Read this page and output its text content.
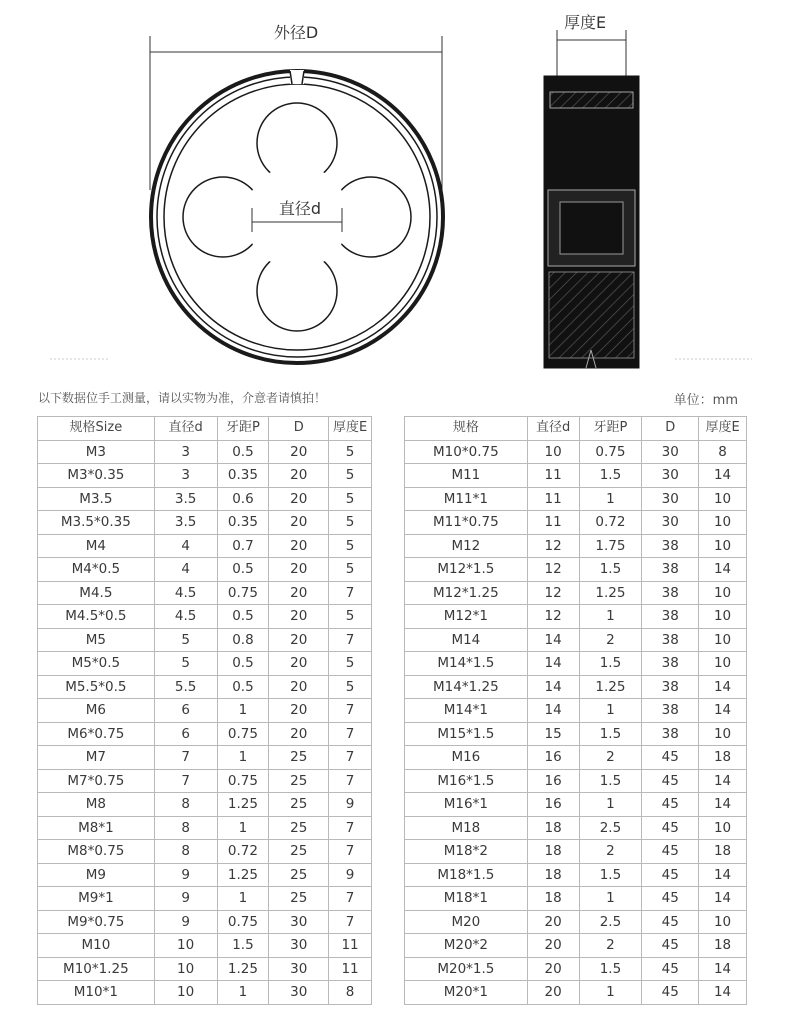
外径D
直径d
厚度E
以下数据位手工测量，请以实物为准，介意者请慎拍！	单位：mm
规格Size	直径d	牙距P	D	厚度E
M3	3	0.5	20	5
M3*0.35	3	0.35	20	5
M3.5	3.5	0.6	20	5
M3.5*0.35	3.5	0.35	20	5
M4	4	0.7	20	5
M4*0.5	4	0.5	20	5
M4.5	4.5	0.75	20	7
M4.5*0.5	4.5	0.5	20	5
M5	5	0.8	20	7
M5*0.5	5	0.5	20	5
M5.5*0.5	5.5	0.5	20	5
M6	6	1	20	7
M6*0.75	6	0.75	20	7
M7	7	1	25	7
M7*0.75	7	0.75	25	7
M8	8	1.25	25	9
M8*1	8	1	25	7
M8*0.75	8	0.72	25	7
M9	9	1.25	25	9
M9*1	9	1	25	7
M9*0.75	9	0.75	30	7
M10	10	1.5	30	11
M10*1.25	10	1.25	30	11
M10*1	10	1	30	8
规格	直径d	牙距P	D	厚度E
M10*0.75	10	0.75	30	8
M11	11	1.5	30	14
M11*1	11	1	30	10
M11*0.75	11	0.72	30	10
M12	12	1.75	38	10
M12*1.5	12	1.5	38	14
M12*1.25	12	1.25	38	10
M12*1	12	1	38	10
M14	14	2	38	10
M14*1.5	14	1.5	38	10
M14*1.25	14	1.25	38	14
M14*1	14	1	38	14
M15*1.5	15	1.5	38	10
M16	16	2	45	18
M16*1.5	16	1.5	45	14
M16*1	16	1	45	14
M18	18	2.5	45	10
M18*2	18	2	45	18
M18*1.5	18	1.5	45	14
M18*1	18	1	45	14
M20	20	2.5	45	10
M20*2	20	2	45	18
M20*1.5	20	1.5	45	14
M20*1	20	1	45	14
